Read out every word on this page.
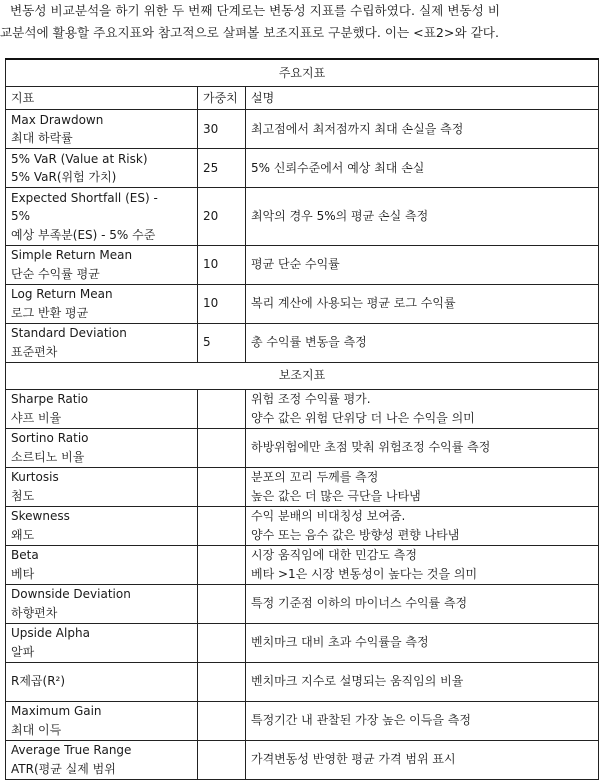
변동성 비교분석을 하기 위한 두 번째 단계로는 변동성 지표를 수립하였다. 실제 변동성 비
교분석에 활용할 주요지표와 참고적으로 살펴볼 보조지표로 구분했다. 이는 <표2>와 같다.
주요지표		
지표	가중치	설명

Max Drawdown
최대 하락률	30	최고점에서 최저점까지 최대 손실을 측정

5% VaR (Value at Risk)
5% VaR(위험 가치)	25	5% 신뢰수준에서 예상 최대 손실

Expected Shortfall (ES) -
5%
예상 부족분(ES) - 5% 수준	20	최악의 경우 5%의 평균 손실 측정

Simple Return Mean
단순 수익률 평균	10	평균 단순 수익률

Log Return Mean
로그 반환 평균	10	복리 계산에 사용되는 평균 로그 수익률

Standard Deviation
표준편차	5	총 수익률 변동을 측정

보조지표		

Sharpe Ratio
샤프 비율		위험 조정 수익률 평가.
양수 값은 위험 단위당 더 나은 수익을 의미

Sortino Ratio
소르티노 비율		하방위험에만 초점 맞춰 위험조정 수익률 측정

Kurtosis
첨도		분포의 꼬리 두께를 측정
높은 값은 더 많은 극단을 나타냄

Skewness
왜도		수익 분배의 비대칭성 보여줌.
양수 또는 음수 값은 방향성 편향 나타냄

Beta
베타		시장 움직임에 대한 민감도 측정
베타 >1은 시장 변동성이 높다는 것을 의미

Downside Deviation
하향편차		특정 기준점 이하의 마이너스 수익률 측정

Upside Alpha
알파		벤치마크 대비 초과 수익률을 측정

R제곱(R²)		벤치마크 지수로 설명되는 움직임의 비율

Maximum Gain
최대 이득		특정기간 내 관찰된 가장 높은 이득을 측정

Average True Range
ATR(평균 실제 범위		가격변동성 반영한 평균 가격 범위 표시
